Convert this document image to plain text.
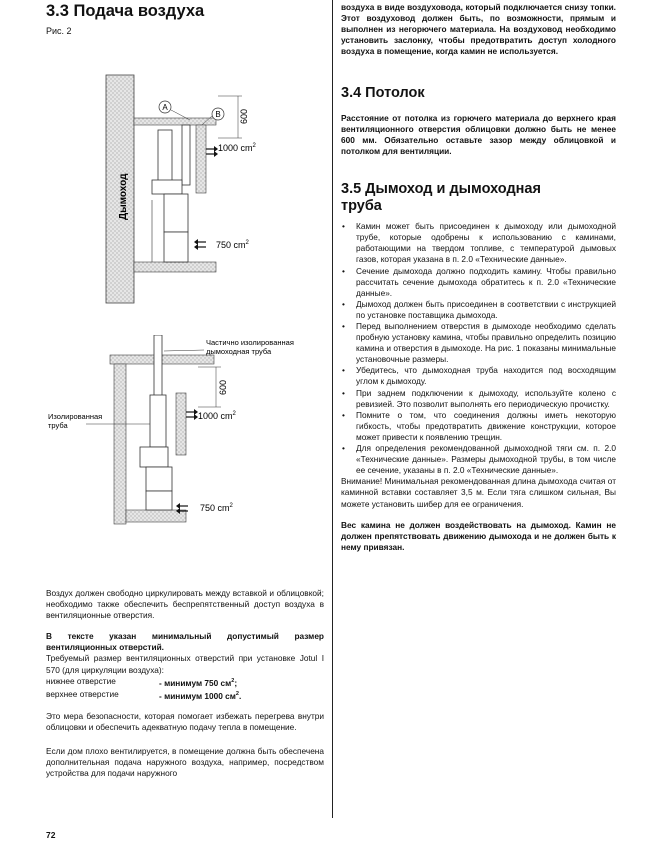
3.3 Подача воздуха
Рис. 2
A
B 600
1000 $cm^2$
750 $cm^2$
Дымоход
Частично изолированная
дымоходная труба
Изолированная
труба
600
1000 $cm^2$
750 $cm^2$

Воздух должен свободно циркулировать между вставкой и облицовкой; необходимо также обеспечить беспрепятственный доступ воздуха в вентиляционные отверстия.

В тексте указан минимальный допустимый размер вентиляционных отверстий.

Требуемый размер вентиляционных отверстий при установке Jotul I 570 (для циркуляции воздуха):

нижнее отверстие	- минимум 750 $см^2$;
верхнее отверстие	- минимум 1000 $см^2$.

Это мера безопасности, которая помогает избежать перегрева внутри облицовки и обеспечить адекватную подачу тепла в помещение.

Если дом плохо вентилируется, в помещение должна быть обеспечена дополнительная подача наружного воздуха, например, посредством устройства для подачи наружного

72

воздуха в виде воздуховода, который подключается снизу топки. Этот воздуховод должен быть, по возможности, прямым и выполнен из негорючего материала. На воздуховод необходимо установить заслонку, чтобы предотвратить доступ холодного воздуха в помещение, когда камин не используется.

3.4 Потолок

Расстояние от потолка из горючего материала до верхнего края вентиляционного отверстия облицовки должно быть не менее 600 мм. Обязательно оставьте зазор между облицовкой и потолком для вентиляции.

3.5 Дымоход и дымоходная
труба
• Камин может быть присоединен к дымоходу или дымоходной трубе, которые одобрены к использованию с каминами, работающими на твердом топливе, с температурой дымовых газов, которая указана в п. 2.0 «Технические данные».
• Сечение дымохода должно подходить камину. Чтобы правильно рассчитать сечение дымохода обратитесь к п. 2.0 «Технические данные».
• Дымоход должен быть присоединен в соответствии с инструкцией по установке поставщика дымохода.
• Перед выполнением отверстия в дымоходе необходимо сделать пробную установку камина, чтобы правильно определить позицию камина и отверстия в дымоходе. На рис. 1 показаны минимальные установочные размеры.
• Убедитесь, что дымоходная труба находится под восходящим углом к дымоходу.
• При заднем подключении к дымоходу, используйте колено с ревизией. Это позволит выполнять его периодическую прочистку.
• Помните о том, что соединения должны иметь некоторую гибкость, чтобы предотвратить движение конструкции, которое может привести к появлению трещин.
• Для определения рекомендованной дымоходной тяги см. п. 2.0 «Технические данные». Размеры дымоходной трубы, в том числе ее сечение, указаны в п. 2.0 «Технические данные».

Внимание! Минимальная рекомендованная длина дымохода считая от каминной вставки составляет 3,5 м. Если тяга слишком сильная, Вы можете установить шибер для ее ограничения.

Вес камина не должен воздействовать на дымоход. Камин не должен препятствовать движению дымохода и не должен быть к нему привязан.
